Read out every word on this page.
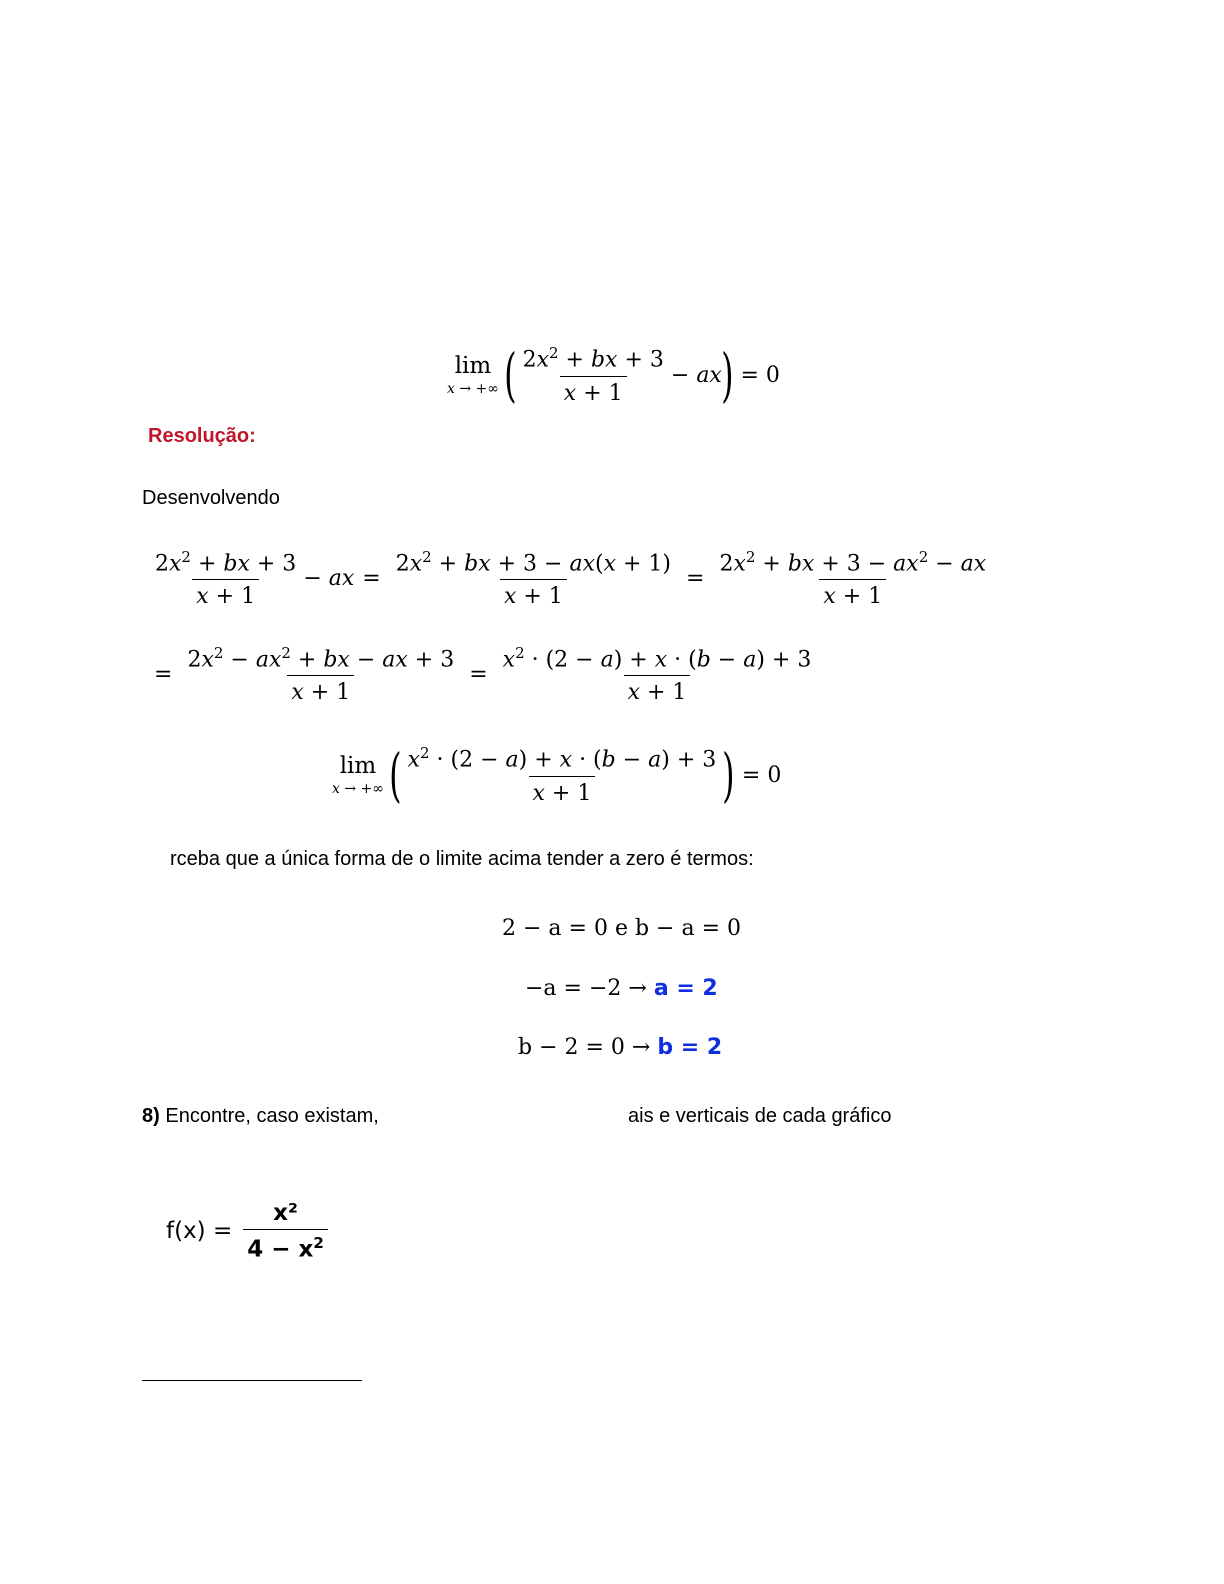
lim
x → +∞ ( $\frac{2x^2 + bx + 3}{x + 1}$ − ax ) = 0
Resolução:
Desenvolvendo
$\frac{2x^2 + bx + 3}{x + 1}$ − ax = $\frac{2x^2 + bx + 3 - ax(x + 1)}{x + 1} = \frac{2x^2 + bx + 3 - ax^2 - ax}{x + 1}$
= $\frac{2x^2 - ax^2 + bx - ax + 3}{x + 1} = \frac{x^2 \cdot (2 - a) + x \cdot (b - a) + 3}{x + 1}$
lim
x → +∞ ( $\frac{x^2 \cdot (2 - a) + x \cdot (b - a) + 3}{x + 1}$ ) = 0
rceba que a única forma de o limite acima tender a zero é termos:
2 − a = 0 e b − a = 0
−a = −2 → a = 2
b − 2 = 0 → b = 2
8) Encontre, caso existam,	ais e verticais de cada gráfico
$f(x) = \frac{\text{x²}}{4 - x^2}$
